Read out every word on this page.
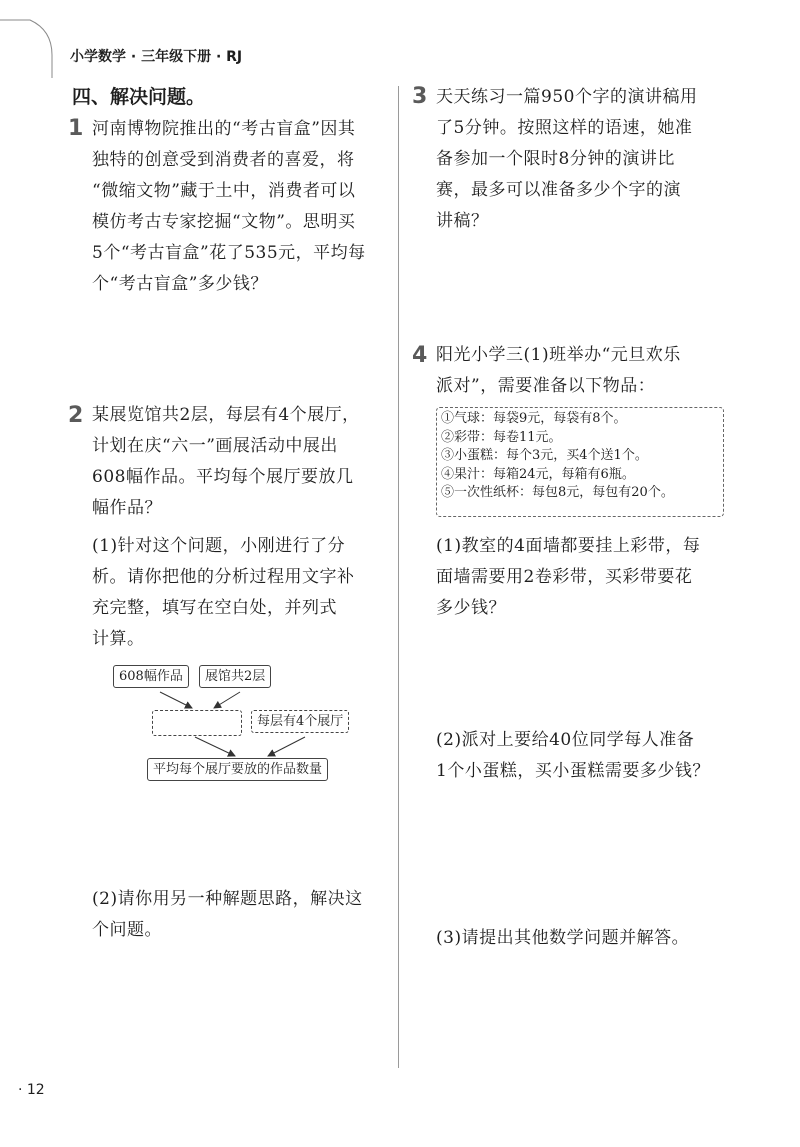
小学数学 · 三年级下册 · RJ
四、解决问题。
1 河南博物院推出的“考古盲盒”因其
独特的创意受到消费者的喜爱，将
“微缩文物”藏于土中，消费者可以
模仿考古专家挖掘“文物”。思明买
5个“考古盲盒”花了535元，平均每
个“考古盲盒”多少钱？
2 某展览馆共2层，每层有4个展厅，
计划在庆“六一”画展活动中展出
608幅作品。平均每个展厅要放几
幅作品？
(1)针对这个问题，小刚进行了分
析。请你把他的分析过程用文字补
充完整，填写在空白处，并列式
计算。
608幅作品	展馆共2层
每层有4个展厅
平均每个展厅要放的作品数量
(2)请你用另一种解题思路，解决这
个问题。
3 天天练习一篇950个字的演讲稿用
了5分钟。按照这样的语速，她准
备参加一个限时8分钟的演讲比
赛，最多可以准备多少个字的演
讲稿？
4 阳光小学三(1)班举办“元旦欢乐
派对”，需要准备以下物品：
①气球：每袋9元，每袋有8个。
②彩带：每卷11元。
③小蛋糕：每个3元，买4个送1个。
④果汁：每箱24元，每箱有6瓶。
⑤一次性纸杯：每包8元，每包有20个。
(1)教室的4面墙都要挂上彩带，每
面墙需要用2卷彩带，买彩带要花
多少钱？
(2)派对上要给40位同学每人准备
1个小蛋糕，买小蛋糕需要多少钱？
(3)请提出其他数学问题并解答。
· 12
